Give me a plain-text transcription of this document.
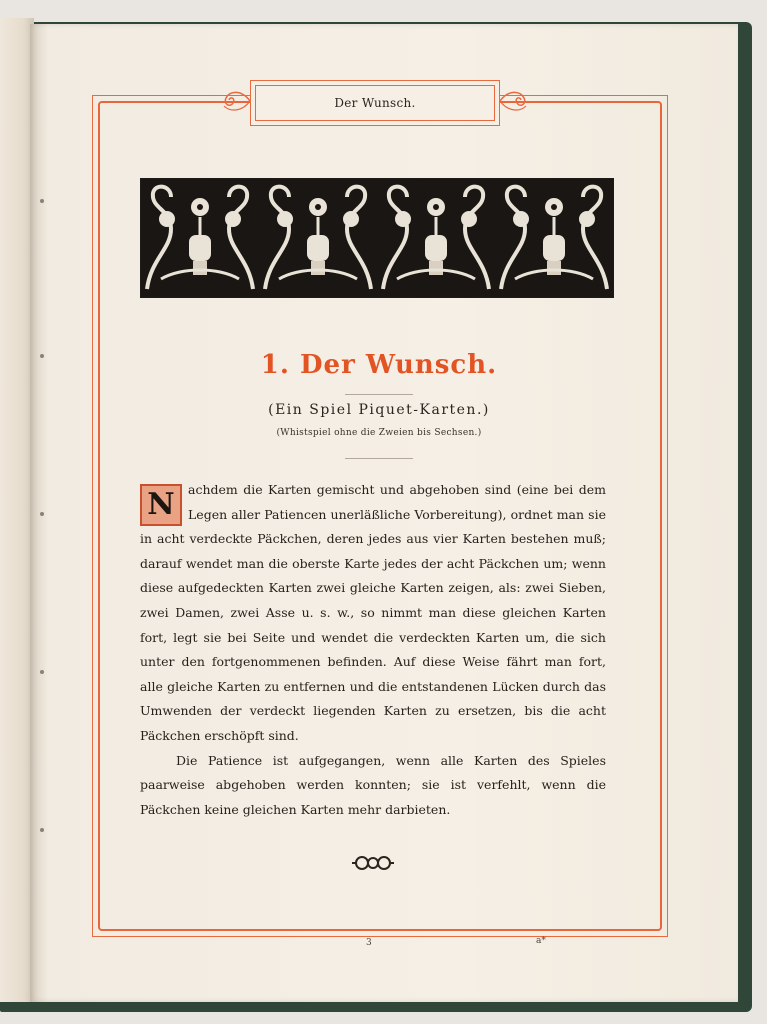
Der Wunsch.
1. Der Wunsch.
(Ein Spiel Piquet-Karten.)
(Whistspiel ohne die Zweien bis Sechsen.)

N	achdem die Karten gemischt und abgehoben sind (eine bei dem Legen aller Patiencen unerläßliche Vorbereitung), ordnet man sie in acht verdeckte Päckchen, deren jedes aus vier Karten bestehen muß; darauf wendet man die oberste Karte jedes der acht Päckchen um; wenn diese aufgedeckten Karten zwei gleiche Karten zeigen, als: zwei Sieben, zwei Damen, zwei Asse u. s. w., so nimmt man diese gleichen Karten fort, legt sie bei Seite und wendet die verdeckten Karten um, die sich unter den fortgenommenen befinden. Auf diese Weise fährt man fort, alle gleiche Karten zu entfernen und die entstandenen Lücken durch das Umwenden der verdeckt liegenden Karten zu ersetzen, bis die acht Päckchen erschöpft sind.

Die Patience ist aufgegangen, wenn alle Karten des Spieles paarweise abgehoben werden konnten; sie ist verfehlt, wenn die Päckchen keine gleichen Karten mehr darbieten.

3	a*
